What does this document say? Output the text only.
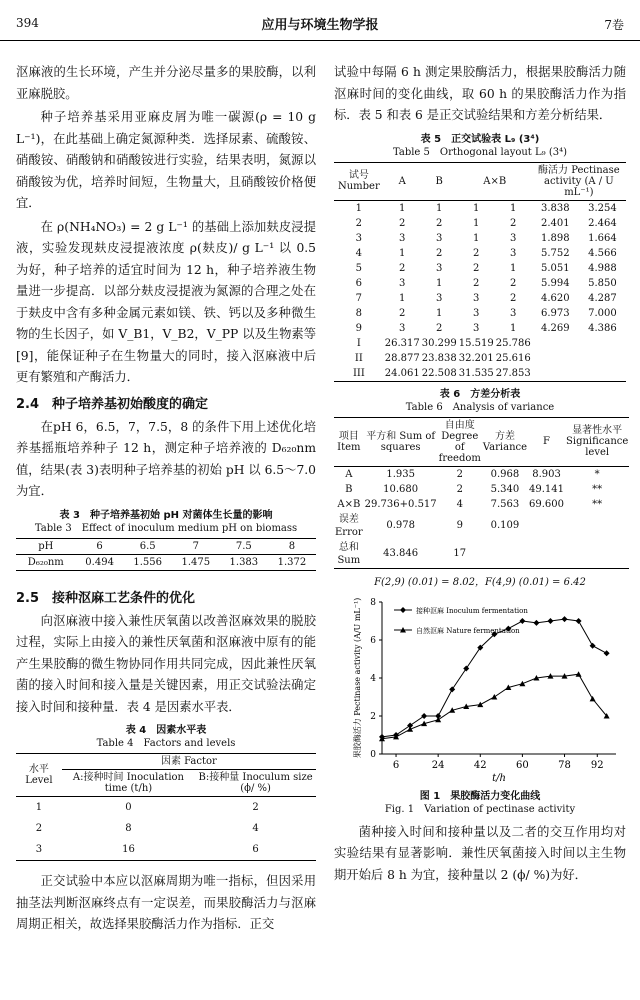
394	应用与环境生物学报	7卷

沤麻液的生长环境，产生并分泌尽量多的果胶酶，以利亚麻脱胶。

种子培养基采用亚麻皮屑为唯一碳源(ρ = 10 g L⁻¹)，在此基础上确定氮源种类．选择尿素、硫酸铵、硝酸铵、硝酸钠和硝酸铵进行实验，结果表明，氮源以硝酸铵为优，培养时间短，生物量大，且硝酸铵价格便宜．

在 ρ(NH₄NO₃) = 2 g L⁻¹ 的基础上添加麸皮浸提液，实验发现麸皮浸提液浓度 ρ(麸皮)/ g L⁻¹ 以 0.5 为好，种子培养的适宜时间为 12 h，种子培养液生物量进一步提高．以部分麸皮浸提液为氮源的合理之处在于麸皮中含有多种金属元素如镁、铁、钙以及多种微生物的生长因子，如 V_B1，V_B2，V_PP 以及生物素等[9]，能保证种子在生物量大的同时，接入沤麻液中后更有繁殖和产酶活力．

2.4　种子培养基初始酸度的确定

在pH 6，6.5，7，7.5，8 的条件下用上述优化培养基摇瓶培养种子 12 h，测定种子培养液的 D₆₂₀nm 值，结果(表 3)表明种子培养基的初始 pH 以 6.5～7.0 为宜．

表 3　种子培养基初始 pH 对菌体生长量的影响
Table 3　Effect of inoculum medium pH on biomass
pH	6	6.5	7	7.5	8
D₆₂₀nm	0.494	1.556	1.475	1.383	1.372
2.5　接种沤麻工艺条件的优化

向沤麻液中接入兼性厌氧菌以改善沤麻效果的脱胶过程，实际上由接入的兼性厌氧菌和沤麻液中原有的能产生果胶酶的微生物协同作用共同完成，因此兼性厌氧菌的接入时间和接入量是关键因素，用正交试验法确定接入时间和接种量．表 4 是因素水平表．

表 4　因素水平表
Table 4　Factors and levels
水平 Level	因素 Factor	
	A:接种时间 Inoculation time (t/h)	B:接种量 Inoculum size (ϕ/ %)
1	0	2
2	8	4
3	16	6

正交试验中本应以沤麻周期为唯一指标，但因采用抽茎法判断沤麻终点有一定误差，而果胶酶活力与沤麻周期正相关，故选择果胶酶活力作为指标．正交

试验中每隔 6 h 测定果胶酶活力，根据果胶酶活力随沤麻时间的变化曲线，取 60 h 的果胶酶活力作为指标．表 5 和表 6 是正交试验结果和方差分析结果．

表 5　正交试验表 L₉ (3⁴)
Table 5　Orthogonal layout L₉ (3⁴)
试号 Number	A	B	A×B		酶活力 Pectinase activity (A / U mL⁻¹)	
1	1	1	1	1	3.838	3.254
2	2	2	1	2	2.401	2.464
3	3	3	1	3	1.898	1.664
4	1	2	2	3	5.752	4.566
5	2	3	2	1	5.051	4.988
6	3	1	2	2	5.994	5.850
7	1	3	3	2	4.620	4.287
8	2	1	3	3	6.973	7.000
9	3	2	3	1	4.269	4.386
I	26.317	30.299	15.519	25.786		
II	28.877	23.838	32.201	25.616		
III	24.061	22.508	31.535	27.853		
表 6　方差分析表
Table 6　Analysis of variance
项目 Item	平方和 Sum of squares	自由度 Degree of freedom	方差 Variance	F	显著性水平 Significance level
A	1.935	2	0.968	8.903	*
B	10.680	2	5.340	49.141	**
A×B	29.736+0.517	4	7.563	69.600	**
误差 Error	0.978	9	0.109		
总和 Sum	43.846	17			
F(2,9) (0.01) = 8.02，F(4,9) (0.01) = 6.42
6	24	42	60	78 92
0
2
4
6
8
t/h
果胶酶活力 Pectinase activity (A/U mL⁻¹)	接种沤麻 Inoculum fermentation
自然沤麻 Nature fermentation
图 1　果胶酶活力变化曲线
Fig. 1　Variation of pectinase activity

菌种接入时间和接种量以及二者的交互作用均对实验结果有显著影响．兼性厌氧菌接入时间以主生物期开始后 8 h 为宜，接种量以 2 (ϕ/ %)为好．
